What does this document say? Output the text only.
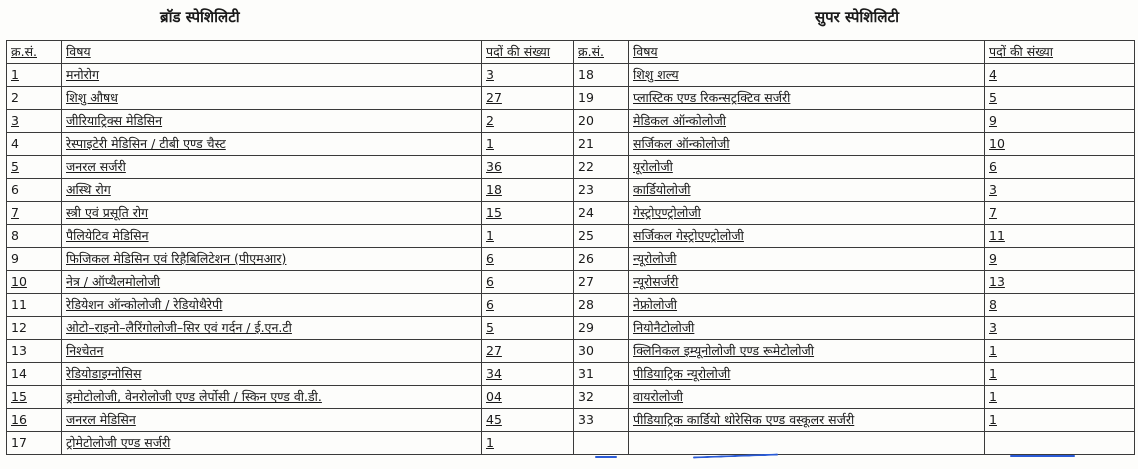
ब्रॉड स्पेशिलिटी	सुपर स्पेशिलिटी
क्र.सं.	विषय	पदों की संख्या	क्र.सं.	विषय	पदों की संख्या
1	मनोरोग	3	18	शिशु शल्य	4
2	शिशु औषध	27	19	प्लास्टिक एण्ड रिकन्सट्रक्टिव सर्जरी	5
3	जीरियाट्रिक्स मेडिसिन	2	20	मेडिकल ऑन्कोलोजी	9
4	रेस्पाइटेरी मेडिसिन / टीबी एण्ड चैस्ट	1	21	सर्जिकल ऑन्कोलोजी	10
5	जनरल सर्जरी	36	22	यूरोलोजी	6
6	अस्थि रोग	18	23	कार्डियोलोजी	3
7	स्त्री एवं प्रसूति रोग	15	24	गेस्ट्रोएण्ट्रोलोजी	7
8	पैलियेटिव मेडिसिन	1	25	सर्जिकल गेस्ट्रोएण्ट्रोलोजी	11
9	फिजिकल मेडिसिन एवं रिहैबिलिटेशन (पीएमआर)	6	26	न्यूरोलोजी	9
10	नेत्र / ऑप्थैलमोलोजी	6	27	न्यूरोसर्जरी	13
11	रेडियेशन ऑन्कोलोजी / रेडियोथैरेपी	6	28	नेफ्रोलोजी	8
12	ओटो–राइनो–लैरिंगोलोजी–सिर एवं गर्दन / ई.एन.टी	5	29	नियोनैटोलोजी	3
13	निश्चेतन	27	30	क्लिनिकल इम्यूनोलोजी एण्ड रूमेटोलोजी	1
14	रेडियोडाइग्नोसिस	34	31	पीडियाट्रिक न्यूरोलोजी	1
15	ड्रमोटोलोजी, वेनरोलोजी एण्ड लेर्पोसी / स्किन एण्ड वी.डी.	04	32	वायरोलोजी	1
16	जनरल मेडिसिन	45	33	पीडियाट्रिक कार्डियो थोरेसिक एण्ड वस्कूलर सर्जरी	1
17	ट्रोमेटोलोजी एण्ड सर्जरी	1			
